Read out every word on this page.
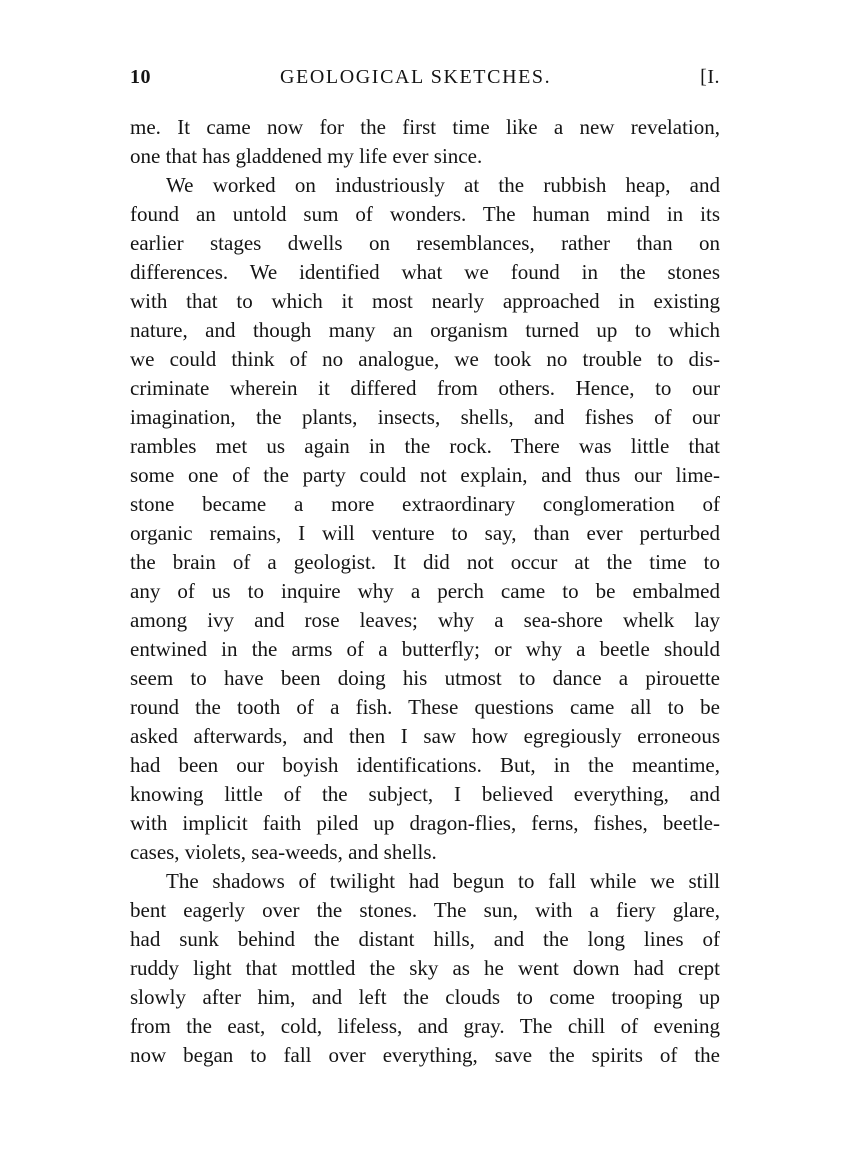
10	GEOLOGICAL SKETCHES.	[I.
me. It came now for the first time like a new revelation,
one that has gladdened my life ever since.
We worked on industriously at the rubbish heap, and
found an untold sum of wonders. The human mind in its
earlier stages dwells on resemblances, rather than on
differences. We identified what we found in the stones
with that to which it most nearly approached in existing
nature, and though many an organism turned up to which
we could think of no analogue, we took no trouble to dis-
criminate wherein it differed from others. Hence, to our
imagination, the plants, insects, shells, and fishes of our
rambles met us again in the rock. There was little that
some one of the party could not explain, and thus our lime-
stone became a more extraordinary conglomeration of
organic remains, I will venture to say, than ever perturbed
the brain of a geologist. It did not occur at the time to
any of us to inquire why a perch came to be embalmed
among ivy and rose leaves; why a sea-shore whelk lay
entwined in the arms of a butterfly; or why a beetle should
seem to have been doing his utmost to dance a pirouette
round the tooth of a fish. These questions came all to be
asked afterwards, and then I saw how egregiously erroneous
had been our boyish identifications. But, in the meantime,
knowing little of the subject, I believed everything, and
with implicit faith piled up dragon-flies, ferns, fishes, beetle-
cases, violets, sea-weeds, and shells.
The shadows of twilight had begun to fall while we still
bent eagerly over the stones. The sun, with a fiery glare,
had sunk behind the distant hills, and the long lines of
ruddy light that mottled the sky as he went down had crept
slowly after him, and left the clouds to come trooping up
from the east, cold, lifeless, and gray. The chill of evening
now began to fall over everything, save the spirits of the
